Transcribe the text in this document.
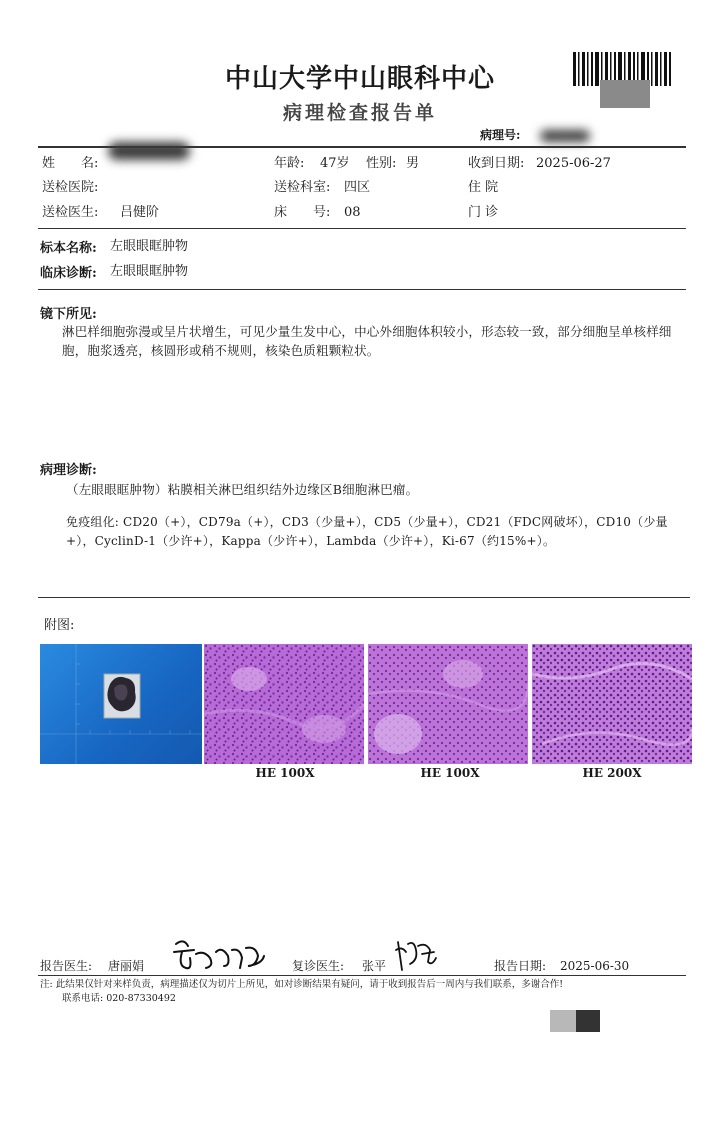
中山大学中山眼科中心
病理检查报告单
病理号:
姓　　名:	年龄: 47岁 性别: 男	收到日期: 2025-06-27
送检医院:	送检科室: 四区	住 院
送检医生: 吕健阶	床　　号: 08	门 诊
标本名称: 左眼眼眶肿物
临床诊断: 左眼眼眶肿物
镜下所见:
淋巴样细胞弥漫或呈片状增生，可见少量生发中心，中心外细胞体积较小，形态较一致，部分细胞呈单核样细胞，胞浆透亮，核圆形或稍不规则，核染色质粗颗粒状。
病理诊断:
（左眼眼眶肿物）粘膜相关淋巴组织结外边缘区B细胞淋巴瘤。
免疫组化: CD20（+），CD79a（+），CD3（少量+），CD5（少量+），CD21（FDC网破坏），CD10（少量+），CyclinD-1（少许+），Kappa（少许+），Lambda（少许+），Ki-67（约15%+）。
附图:
HE 100X	HE 100X	HE 200X
报告医生: 唐丽娟	复诊医生: 张平	报告日期: 2025-06-30
注: 此结果仅针对来样负责，病理描述仅为切片上所见，如对诊断结果有疑问，请于收到报告后一周内与我们联系，多谢合作!
联系电话: 020-87330492
